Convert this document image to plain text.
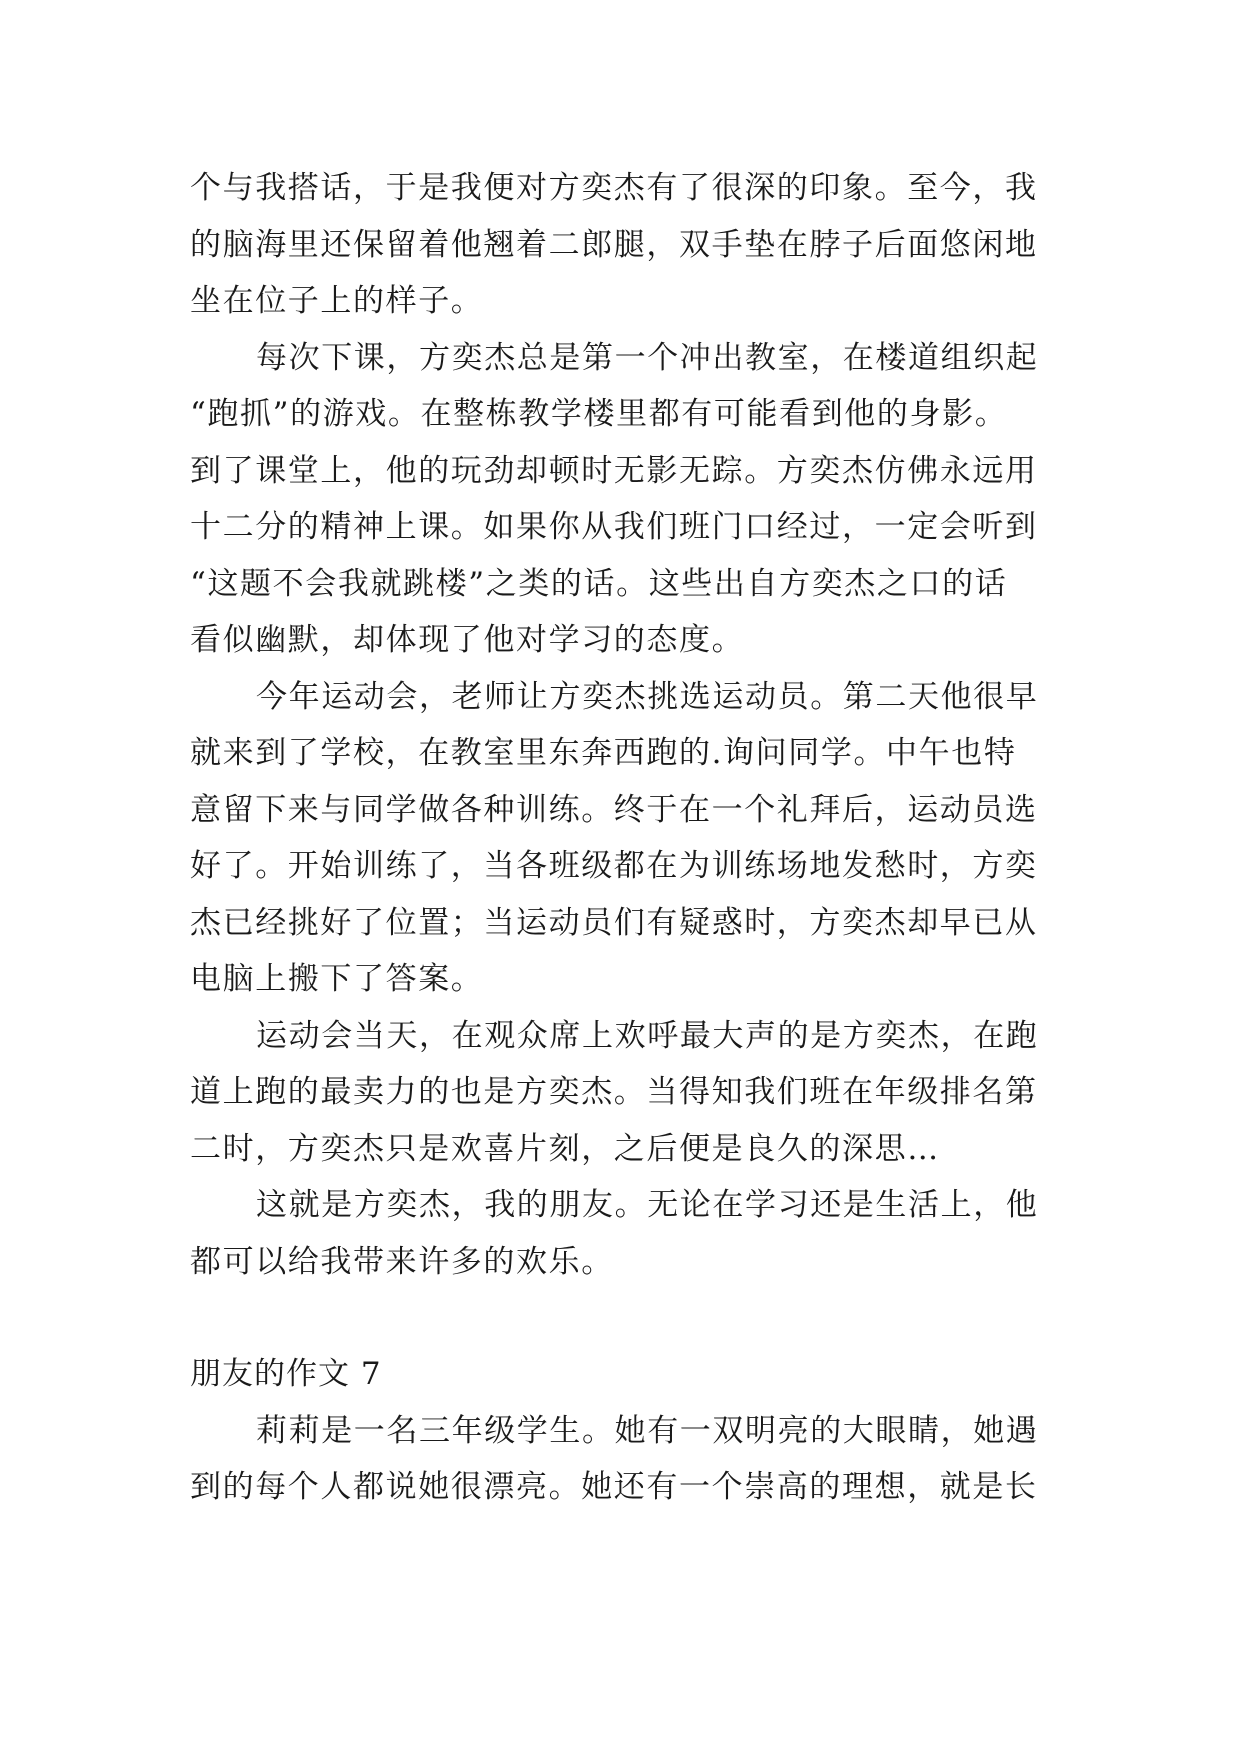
个与我搭话，于是我便对方奕杰有了很深的印象。至今，我
的脑海里还保留着他翘着二郎腿，双手垫在脖子后面悠闲地
坐在位子上的样子。
每次下课，方奕杰总是第一个冲出教室，在楼道组织起
“跑抓”的游戏。在整栋教学楼里都有可能看到他的身影。
到了课堂上，他的玩劲却顿时无影无踪。方奕杰仿佛永远用
十二分的精神上课。如果你从我们班门口经过，一定会听到
“这题不会我就跳楼”之类的话。这些出自方奕杰之口的话
看似幽默，却体现了他对学习的态度。
今年运动会，老师让方奕杰挑选运动员。第二天他很早
就来到了学校，在教室里东奔西跑的.询问同学。中午也特
意留下来与同学做各种训练。终于在一个礼拜后，运动员选
好了。开始训练了，当各班级都在为训练场地发愁时，方奕
杰已经挑好了位置；当运动员们有疑惑时，方奕杰却早已从
电脑上搬下了答案。
运动会当天，在观众席上欢呼最大声的是方奕杰，在跑
道上跑的最卖力的也是方奕杰。当得知我们班在年级排名第
二时，方奕杰只是欢喜片刻，之后便是良久的深思…
这就是方奕杰，我的朋友。无论在学习还是生活上，他
都可以给我带来许多的欢乐。
朋友的作文 7
莉莉是一名三年级学生。她有一双明亮的大眼睛，她遇
到的每个人都说她很漂亮。她还有一个崇高的理想，就是长
